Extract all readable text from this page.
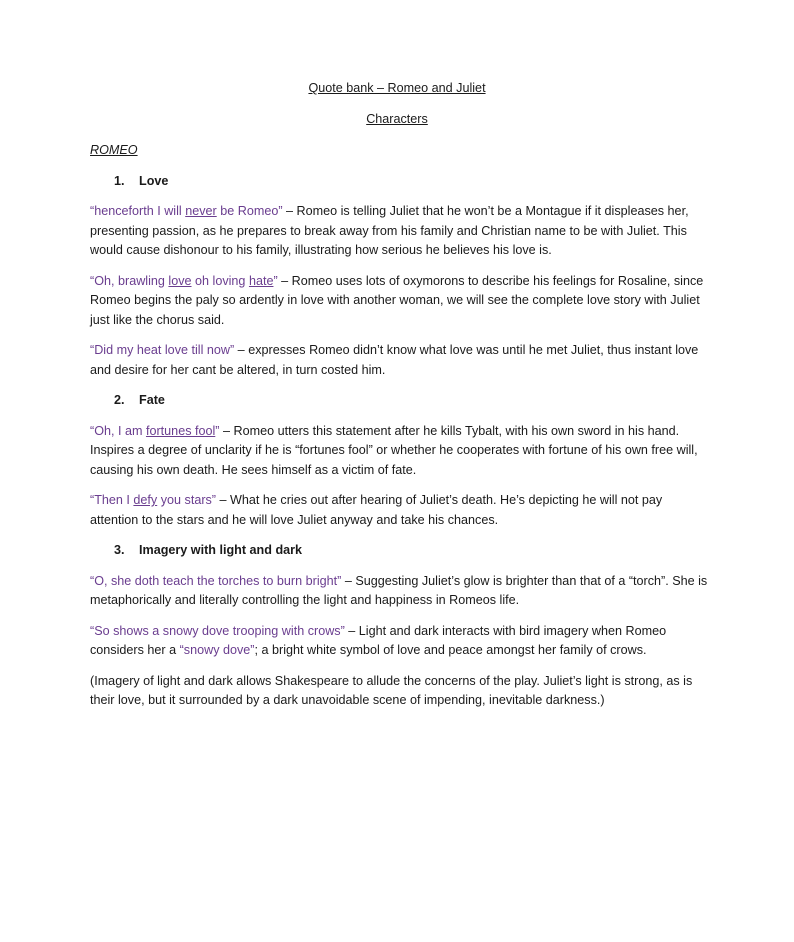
Quote bank – Romeo and Juliet
Characters
ROMEO
1. Love

“henceforth I will never be Romeo” – Romeo is telling Juliet that he won’t be a Montague if it displeases her, presenting passion, as he prepares to break away from his family and Christian name to be with Juliet. This would cause dishonour to his family, illustrating how serious he believes his love is.

“Oh, brawling love oh loving hate” – Romeo uses lots of oxymorons to describe his feelings for Rosaline, since Romeo begins the paly so ardently in love with another woman, we will see the complete love story with Juliet just like the chorus said.

“Did my heat love till now” – expresses Romeo didn’t know what love was until he met Juliet, thus instant love and desire for her cant be altered, in turn costed him.

2. Fate

“Oh, I am fortunes fool” – Romeo utters this statement after he kills Tybalt, with his own sword in his hand. Inspires a degree of unclarity if he is “fortunes fool” or whether he cooperates with fortune of his own free will, causing his own death. He sees himself as a victim of fate.

“Then I defy you stars” – What he cries out after hearing of Juliet’s death. He’s depicting he will not pay attention to the stars and he will love Juliet anyway and take his chances.

3. Imagery with light and dark

“O, she doth teach the torches to burn bright” – Suggesting Juliet’s glow is brighter than that of a “torch”. She is metaphorically and literally controlling the light and happiness in Romeos life.

“So shows a snowy dove trooping with crows” – Light and dark interacts with bird imagery when Romeo considers her a “snowy dove”; a bright white symbol of love and peace amongst her family of crows.

(Imagery of light and dark allows Shakespeare to allude the concerns of the play. Juliet’s light is strong, as is their love, but it surrounded by a dark unavoidable scene of impending, inevitable darkness.)
